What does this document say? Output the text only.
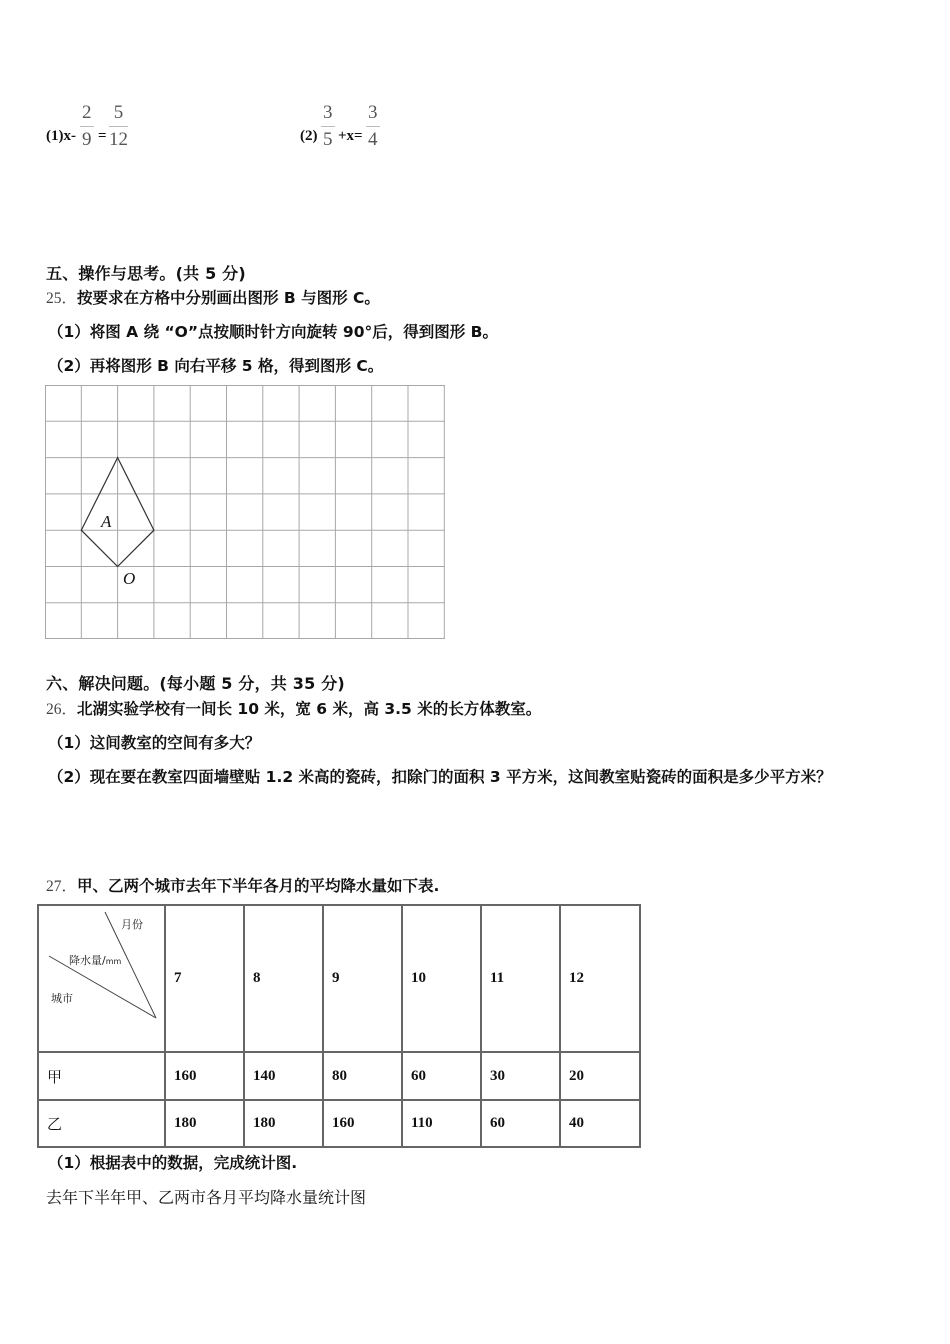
(1)x-
2
9 =
5
12	(2)
3
5 +x=
3
4
五、操作与思考。(共 5 分)
25．按要求在方格中分别画出图形 B 与图形 C。
（1）将图 A 绕 “O”点按顺时针方向旋转 90°后，得到图形 B。
（2）再将图形 B 向右平移 5 格，得到图形 C。
A
O
六、解决问题。(每小题 5 分，共 35 分)
26．北湖实验学校有一间长 10 米，宽 6 米，高 3.5 米的长方体教室。
（1）这间教室的空间有多大？
（2）现在要在教室四面墙壁贴 1.2 米高的瓷砖，扣除门的面积 3 平方米，这间教室贴瓷砖的面积是多少平方米？
27．甲、乙两个城市去年下半年各月的平均降水量如下表.
月份
降水量/mm
城市	7	8	9	10	11	12
甲	160	140	80	60	30	20
乙	180	180	160	110	60	40
（1）根据表中的数据，完成统计图.
去年下半年甲、乙两市各月平均降水量统计图
